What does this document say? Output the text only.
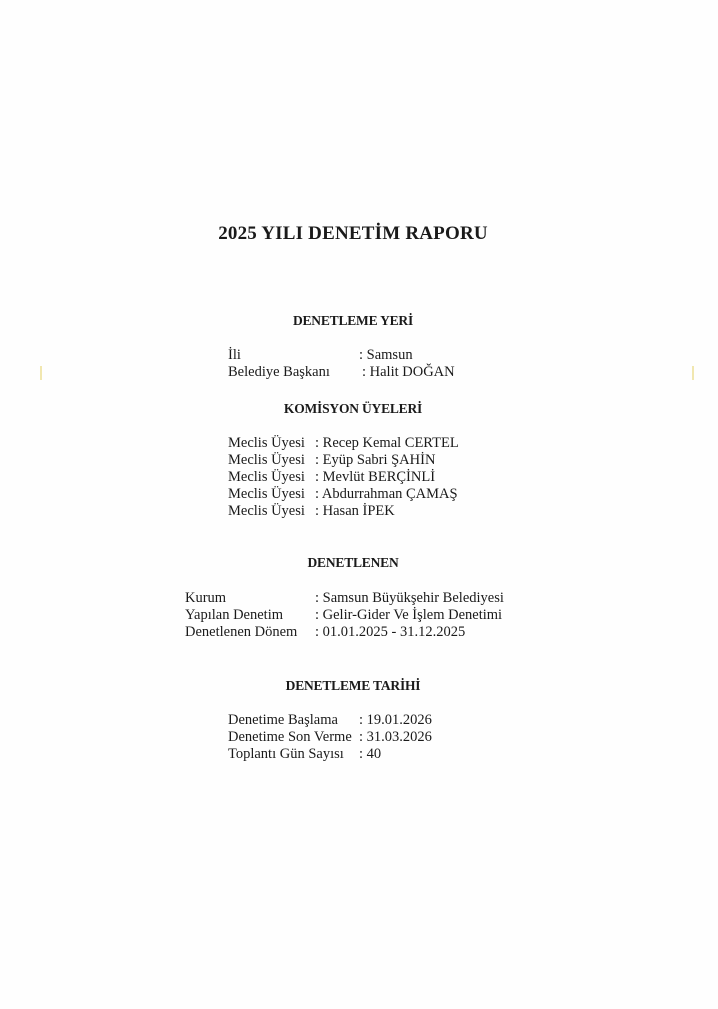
2025 YILI DENETİM RAPORU
DENETLEME YERİ
İli	: Samsun
Belediye Başkanı	: Halit DOĞAN
KOMİSYON ÜYELERİ
Meclis Üyesi : Recep Kemal CERTEL
Meclis Üyesi : Eyüp Sabri ŞAHİN
Meclis Üyesi : Mevlüt BERÇİNLİ
Meclis Üyesi : Abdurrahman ÇAMAŞ
Meclis Üyesi : Hasan İPEK
DENETLENEN
Kurum	: Samsun Büyükşehir Belediyesi
Yapılan Denetim	: Gelir-Gider Ve İşlem Denetimi
Denetlenen Dönem	: 01.01.2025 - 31.12.2025
DENETLEME TARİHİ
Denetime Başlama	: 19.01.2026
Denetime Son Verme : 31.03.2026
Toplantı Gün Sayısı	: 40
